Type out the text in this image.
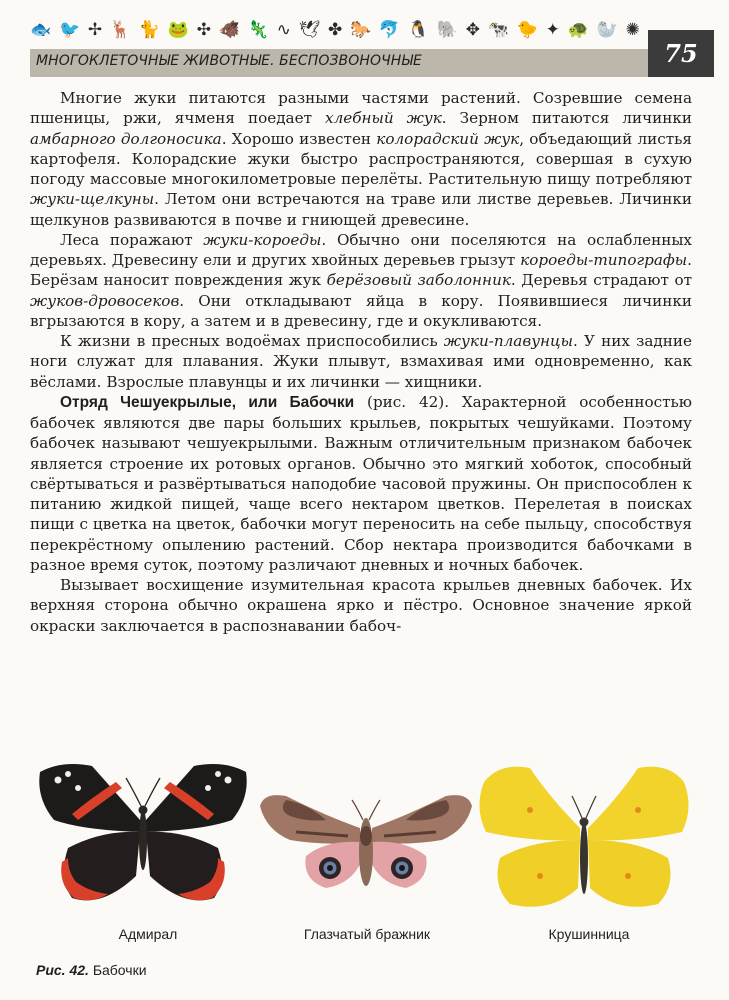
🐟 🐦 ✢ 🦌 🐈 🐸 ✣ 🐗 🦎 ∿ 🕊 ✤ 🐎 🐬 🐧 🐘 ✥ 🐄 🐤 ✦ 🐢 🦭 ✺
МНОГОКЛЕТОЧНЫЕ ЖИВОТНЫЕ. БЕСПОЗВОНОЧНЫЕ	75

Многие жуки питаются разными частями растений. Созревшие семена пшеницы, ржи, ячменя поедает хлебный жук. Зерном питаются личинки амбарного долгоносика. Хорошо известен колорадский жук, объедающий листья картофеля. Колорадские жуки быстро распространяются, совершая в сухую погоду массовые многокилометровые перелёты. Растительную пищу потребляют жуки-щелкуны. Летом они встречаются на траве или листве деревьев. Личинки щелкунов развиваются в почве и гниющей древесине.

Леса поражают жуки-короеды. Обычно они поселяются на ослабленных деревьях. Древесину ели и других хвойных деревьев грызут короеды-типографы. Берёзам наносит повреждения жук берёзовый заболонник. Деревья страдают от жуков-дровосеков. Они откладывают яйца в кору. Появившиеся личинки вгрызаются в кору, а затем и в древесину, где и окукливаются.

К жизни в пресных водоёмах приспособились жуки-плавунцы. У них задние ноги служат для плавания. Жуки плывут, взмахивая ими одновременно, как вёслами. Взрослые плавунцы и их личинки — хищники.

Отряд Чешуекрылые, или Бабочки (рис. 42). Характерной особенностью бабочек являются две пары больших крыльев, покрытых чешуйками. Поэтому бабочек называют чешуекрылыми. Важным отличительным признаком бабочек является строение их ротовых органов. Обычно это мягкий хоботок, способный свёртываться и развёртываться наподобие часовой пружины. Он приспособлен к питанию жидкой пищей, чаще всего нектаром цветков. Перелетая в поисках пищи с цветка на цветок, бабочки могут переносить на себе пыльцу, способствуя перекрёстному опылению растений. Сбор нектара производится бабочками в разное время суток, поэтому различают дневных и ночных бабочек.

Вызывает восхищение изумительная красота крыльев дневных бабочек. Их верхняя сторона обычно окрашена ярко и пёстро. Основное значение яркой окраски заключается в распознавании бабоч-

Адмирал	Глазчатый бражник	Крушинница
Рис. 42. Бабочки
